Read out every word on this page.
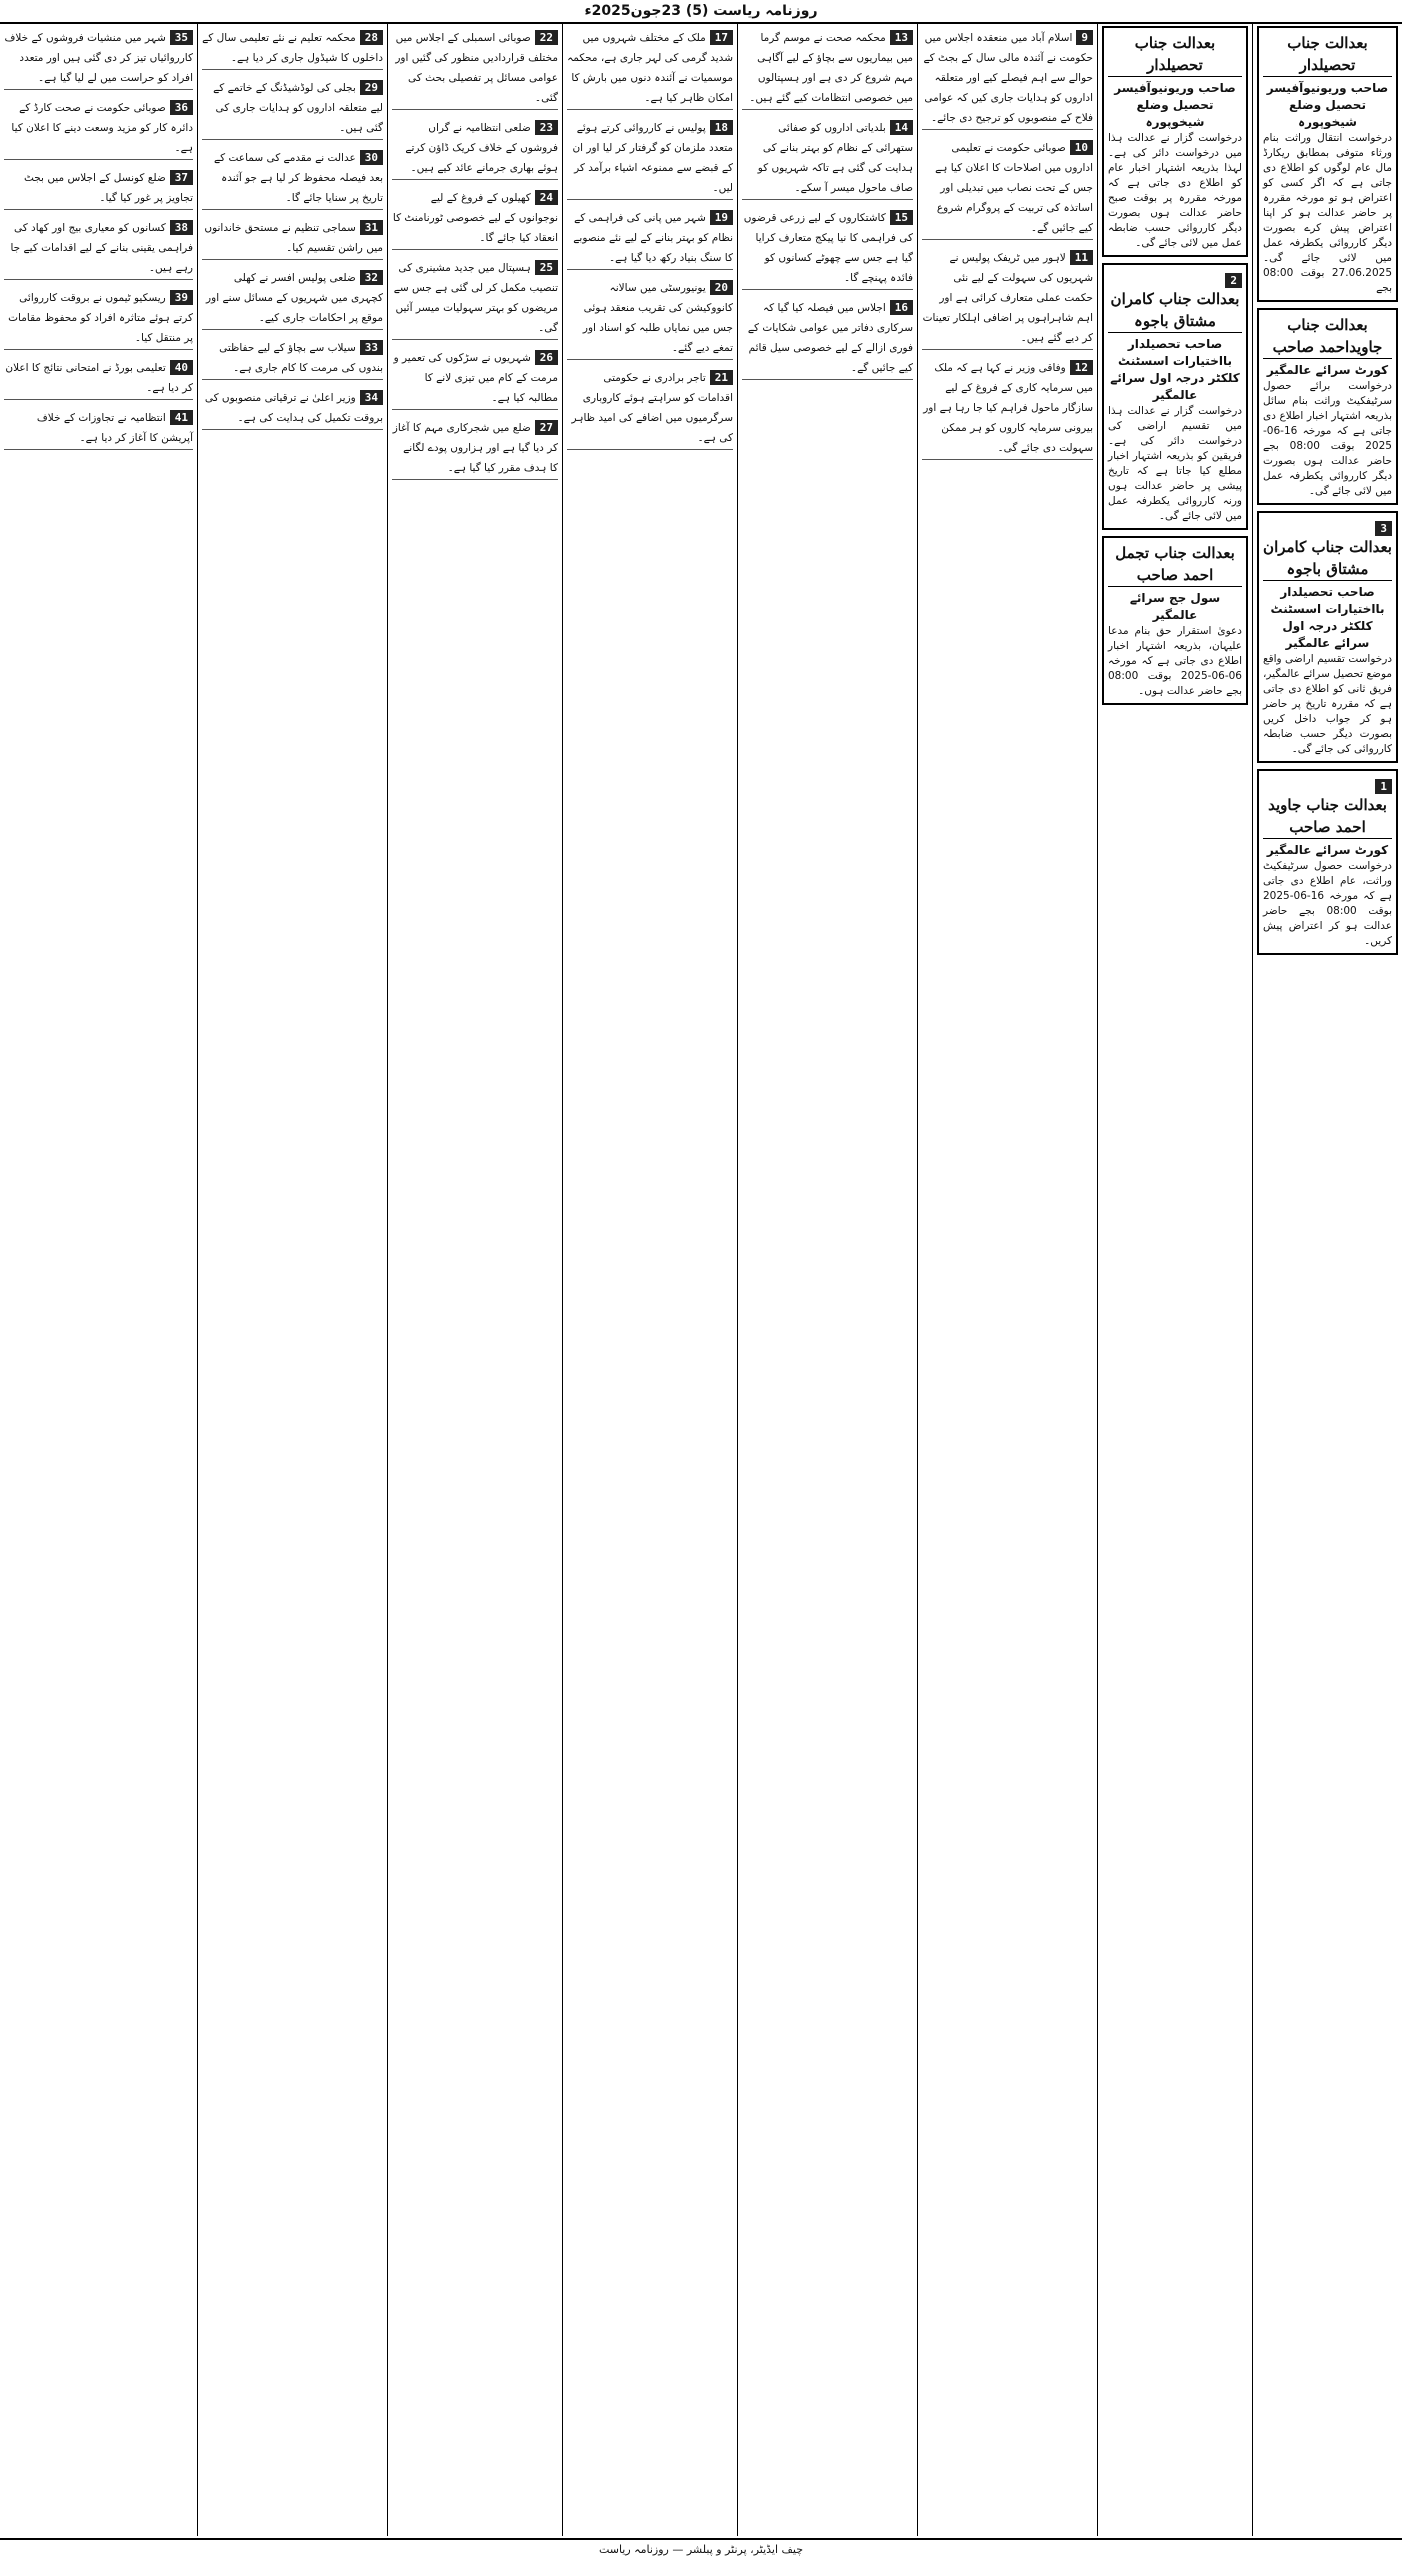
روزنامہ ریاست (5) 23جون2025ء
بعدالت جناب تحصیلدار
صاحب وریونیوآفیسر تحصیل وضلع شیخوپورہ
درخواست انتقال وراثت بنام ورثاء متوفی بمطابق ریکارڈ مال عام لوگوں کو اطلاع دی جاتی ہے کہ اگر کسی کو اعتراض ہو تو مورخہ مقررہ پر حاضر عدالت ہو کر اپنا اعتراض پیش کرے بصورت دیگر کارروائی یکطرفہ عمل میں لائی جائے گی۔ 27.06.2025 بوقت 08:00 بجے
بعدالت جناب جاویداحمد صاحب
کورٹ سرائے عالمگیر
درخواست برائے حصول سرٹیفکیٹ وراثت بنام سائل بذریعہ اشتہار اخبار اطلاع دی جاتی ہے کہ مورخہ 16-06-2025 بوقت 08:00 بجے حاضر عدالت ہوں بصورت دیگر کارروائی یکطرفہ عمل میں لائی جائے گی۔
3
بعدالت جناب کامران مشتاق باجوہ
صاحب تحصیلدار بااختیارات اسسٹنٹ کلکٹر درجہ اول سرائے عالمگیر
درخواست تقسیم اراضی واقع موضع تحصیل سرائے عالمگیر، فریق ثانی کو اطلاع دی جاتی ہے کہ مقررہ تاریخ پر حاضر ہو کر جواب داخل کریں بصورت دیگر حسب ضابطہ کارروائی کی جائے گی۔
1
بعدالت جناب جاوید احمد صاحب
کورٹ سرائے عالمگیر
درخواست حصول سرٹیفکیٹ وراثت، عام اطلاع دی جاتی ہے کہ مورخہ 16-06-2025 بوقت 08:00 بجے حاضر عدالت ہو کر اعتراض پیش کریں۔
بعدالت جناب تحصیلدار
صاحب وریونیوآفیسر تحصیل وضلع شیخوپورہ
درخواست گزار نے عدالت ہذا میں درخواست دائر کی ہے۔ لہذا بذریعہ اشتہار اخبار عام کو اطلاع دی جاتی ہے کہ مورخہ مقررہ پر بوقت صبح حاضر عدالت ہوں بصورت دیگر کارروائی حسب ضابطہ عمل میں لائی جائے گی۔
2
بعدالت جناب کامران مشتاق باجوہ
صاحب تحصیلدار بااختیارات اسسٹنٹ کلکٹر درجہ اول سرائے عالمگیر
درخواست گزار نے عدالت ہذا میں تقسیم اراضی کی درخواست دائر کی ہے۔ فریقین کو بذریعہ اشتہار اخبار مطلع کیا جاتا ہے کہ تاریخ پیشی پر حاضر عدالت ہوں ورنہ کارروائی یکطرفہ عمل میں لائی جائے گی۔
بعدالت جناب تجمل احمد صاحب
سول جج سرائے عالمگیر
دعویٰ استقرار حق بنام مدعا علیہان، بذریعہ اشتہار اخبار اطلاع دی جاتی ہے کہ مورخہ 06-06-2025 بوقت 08:00 بجے حاضر عدالت ہوں۔
9اسلام آباد میں منعقدہ اجلاس میں حکومت نے آئندہ مالی سال کے بجٹ کے حوالے سے اہم فیصلے کیے اور متعلقہ اداروں کو ہدایات جاری کیں کہ عوامی فلاح کے منصوبوں کو ترجیح دی جائے۔
10صوبائی حکومت نے تعلیمی اداروں میں اصلاحات کا اعلان کیا ہے جس کے تحت نصاب میں تبدیلی اور اساتذہ کی تربیت کے پروگرام شروع کیے جائیں گے۔
11لاہور میں ٹریفک پولیس نے شہریوں کی سہولت کے لیے نئی حکمت عملی متعارف کرائی ہے اور اہم شاہراہوں پر اضافی اہلکار تعینات کر دیے گئے ہیں۔
12وفاقی وزیر نے کہا ہے کہ ملک میں سرمایہ کاری کے فروغ کے لیے سازگار ماحول فراہم کیا جا رہا ہے اور بیرونی سرمایہ کاروں کو ہر ممکن سہولت دی جائے گی۔
13محکمہ صحت نے موسم گرما میں بیماریوں سے بچاؤ کے لیے آگاہی مہم شروع کر دی ہے اور ہسپتالوں میں خصوصی انتظامات کیے گئے ہیں۔
14بلدیاتی اداروں کو صفائی ستھرائی کے نظام کو بہتر بنانے کی ہدایت کی گئی ہے تاکہ شہریوں کو صاف ماحول میسر آ سکے۔
15کاشتکاروں کے لیے زرعی قرضوں کی فراہمی کا نیا پیکج متعارف کرایا گیا ہے جس سے چھوٹے کسانوں کو فائدہ پہنچے گا۔
16اجلاس میں فیصلہ کیا گیا کہ سرکاری دفاتر میں عوامی شکایات کے فوری ازالے کے لیے خصوصی سیل قائم کیے جائیں گے۔
17ملک کے مختلف شہروں میں شدید گرمی کی لہر جاری ہے، محکمہ موسمیات نے آئندہ دنوں میں بارش کا امکان ظاہر کیا ہے۔
18پولیس نے کارروائی کرتے ہوئے متعدد ملزمان کو گرفتار کر لیا اور ان کے قبضے سے ممنوعہ اشیاء برآمد کر لیں۔
19شہر میں پانی کی فراہمی کے نظام کو بہتر بنانے کے لیے نئے منصوبے کا سنگ بنیاد رکھ دیا گیا ہے۔
20یونیورسٹی میں سالانہ کانووکیشن کی تقریب منعقد ہوئی جس میں نمایاں طلبہ کو اسناد اور تمغے دیے گئے۔
21تاجر برادری نے حکومتی اقدامات کو سراہتے ہوئے کاروباری سرگرمیوں میں اضافے کی امید ظاہر کی ہے۔
22صوبائی اسمبلی کے اجلاس میں مختلف قراردادیں منظور کی گئیں اور عوامی مسائل پر تفصیلی بحث کی گئی۔
23ضلعی انتظامیہ نے گراں فروشوں کے خلاف کریک ڈاؤن کرتے ہوئے بھاری جرمانے عائد کیے ہیں۔
24کھیلوں کے فروغ کے لیے نوجوانوں کے لیے خصوصی ٹورنامنٹ کا انعقاد کیا جائے گا۔
25ہسپتال میں جدید مشینری کی تنصیب مکمل کر لی گئی ہے جس سے مریضوں کو بہتر سہولیات میسر آئیں گی۔
26شہریوں نے سڑکوں کی تعمیر و مرمت کے کام میں تیزی لانے کا مطالبہ کیا ہے۔
27ضلع میں شجرکاری مہم کا آغاز کر دیا گیا ہے اور ہزاروں پودے لگانے کا ہدف مقرر کیا گیا ہے۔
28محکمہ تعلیم نے نئے تعلیمی سال کے داخلوں کا شیڈول جاری کر دیا ہے۔
29بجلی کی لوڈشیڈنگ کے خاتمے کے لیے متعلقہ اداروں کو ہدایات جاری کی گئی ہیں۔
30عدالت نے مقدمے کی سماعت کے بعد فیصلہ محفوظ کر لیا ہے جو آئندہ تاریخ پر سنایا جائے گا۔
31سماجی تنظیم نے مستحق خاندانوں میں راشن تقسیم کیا۔
32ضلعی پولیس افسر نے کھلی کچہری میں شہریوں کے مسائل سنے اور موقع پر احکامات جاری کیے۔
33سیلاب سے بچاؤ کے لیے حفاظتی بندوں کی مرمت کا کام جاری ہے۔
34وزیر اعلیٰ نے ترقیاتی منصوبوں کی بروقت تکمیل کی ہدایت کی ہے۔
35شہر میں منشیات فروشوں کے خلاف کارروائیاں تیز کر دی گئی ہیں اور متعدد افراد کو حراست میں لے لیا گیا ہے۔
36صوبائی حکومت نے صحت کارڈ کے دائرہ کار کو مزید وسعت دینے کا اعلان کیا ہے۔
37ضلع کونسل کے اجلاس میں بجٹ تجاویز پر غور کیا گیا۔
38کسانوں کو معیاری بیج اور کھاد کی فراہمی یقینی بنانے کے لیے اقدامات کیے جا رہے ہیں۔
39ریسکیو ٹیموں نے بروقت کارروائی کرتے ہوئے متاثرہ افراد کو محفوظ مقامات پر منتقل کیا۔
40تعلیمی بورڈ نے امتحانی نتائج کا اعلان کر دیا ہے۔
41انتظامیہ نے تجاوزات کے خلاف آپریشن کا آغاز کر دیا ہے۔
چیف ایڈیٹر، پرنٹر و پبلشر — روزنامہ ریاست
